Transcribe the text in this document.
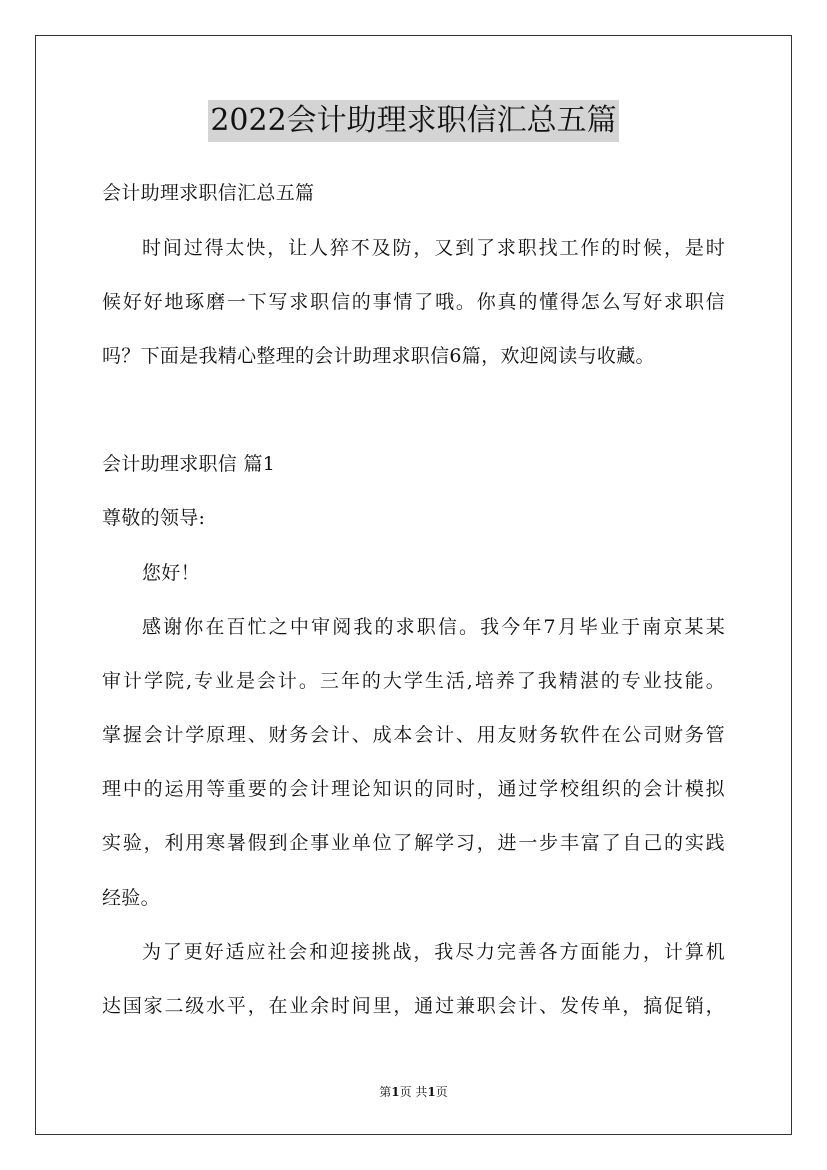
2022会计助理求职信汇总五篇
会计助理求职信汇总五篇
时间过得太快，让人猝不及防，又到了求职找工作的时候，是时
候好好地琢磨一下写求职信的事情了哦。你真的懂得怎么写好求职信
吗？下面是我精心整理的会计助理求职信6篇，欢迎阅读与收藏。
会计助理求职信 篇1
尊敬的领导:
您好！
感谢你在百忙之中审阅我的求职信。我今年7月毕业于南京某某
审计学院,专业是会计。三年的大学生活,培养了我精湛的专业技能。
掌握会计学原理、财务会计、成本会计、用友财务软件在公司财务管
理中的运用等重要的会计理论知识的同时，通过学校组织的会计模拟
实验，利用寒暑假到企事业单位了解学习，进一步丰富了自己的实践
经验。
为了更好适应社会和迎接挑战，我尽力完善各方面能力，计算机
达国家二级水平，在业余时间里，通过兼职会计、发传单，搞促销，
第1页 共1页
